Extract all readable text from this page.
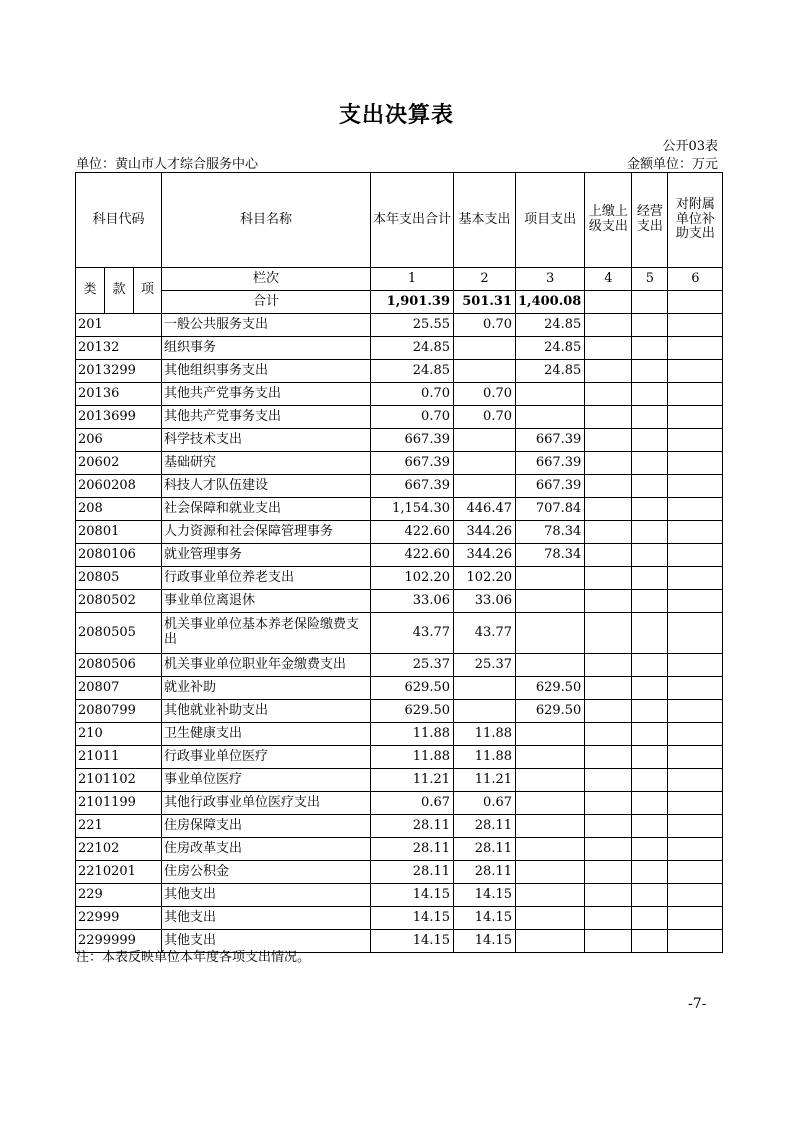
支出决算表
公开03表
单位：黄山市人才综合服务中心	金额单位：万元
科目代码			科目名称	本年支出合计	基本支出	项目支出	上缴上级支出	经营支出	对附属单位补助支出
类	款	项	栏次	1	2	3	4	5	6
			合计	1,901.39	501.31	1,400.08			
201			一般公共服务支出	25.55	0.70	24.85			
20132			组织事务	24.85		24.85			
2013299			其他组织事务支出	24.85		24.85			
20136			其他共产党事务支出	0.70	0.70				
2013699			其他共产党事务支出	0.70	0.70				
206			科学技术支出	667.39		667.39			
20602			基础研究	667.39		667.39			
2060208			科技人才队伍建设	667.39		667.39			
208			社会保障和就业支出	1,154.30	446.47	707.84			
20801			人力资源和社会保障管理事务	422.60	344.26	78.34			
2080106			就业管理事务	422.60	344.26	78.34			
20805			行政事业单位养老支出	102.20	102.20				
2080502			事业单位离退休	33.06	33.06				
2080505			机关事业单位基本养老保险缴费支出	43.77	43.77				
2080506			机关事业单位职业年金缴费支出	25.37	25.37				
20807			就业补助	629.50		629.50			
2080799			其他就业补助支出	629.50		629.50			
210			卫生健康支出	11.88	11.88				
21011			行政事业单位医疗	11.88	11.88				
2101102			事业单位医疗	11.21	11.21				
2101199			其他行政事业单位医疗支出	0.67	0.67				
221			住房保障支出	28.11	28.11				
22102			住房改革支出	28.11	28.11				
2210201			住房公积金	28.11	28.11				
229			其他支出	14.15	14.15				
22999			其他支出	14.15	14.15				
2299999			其他支出	14.15	14.15				
注：本表反映单位本年度各项支出情况。
-7-
